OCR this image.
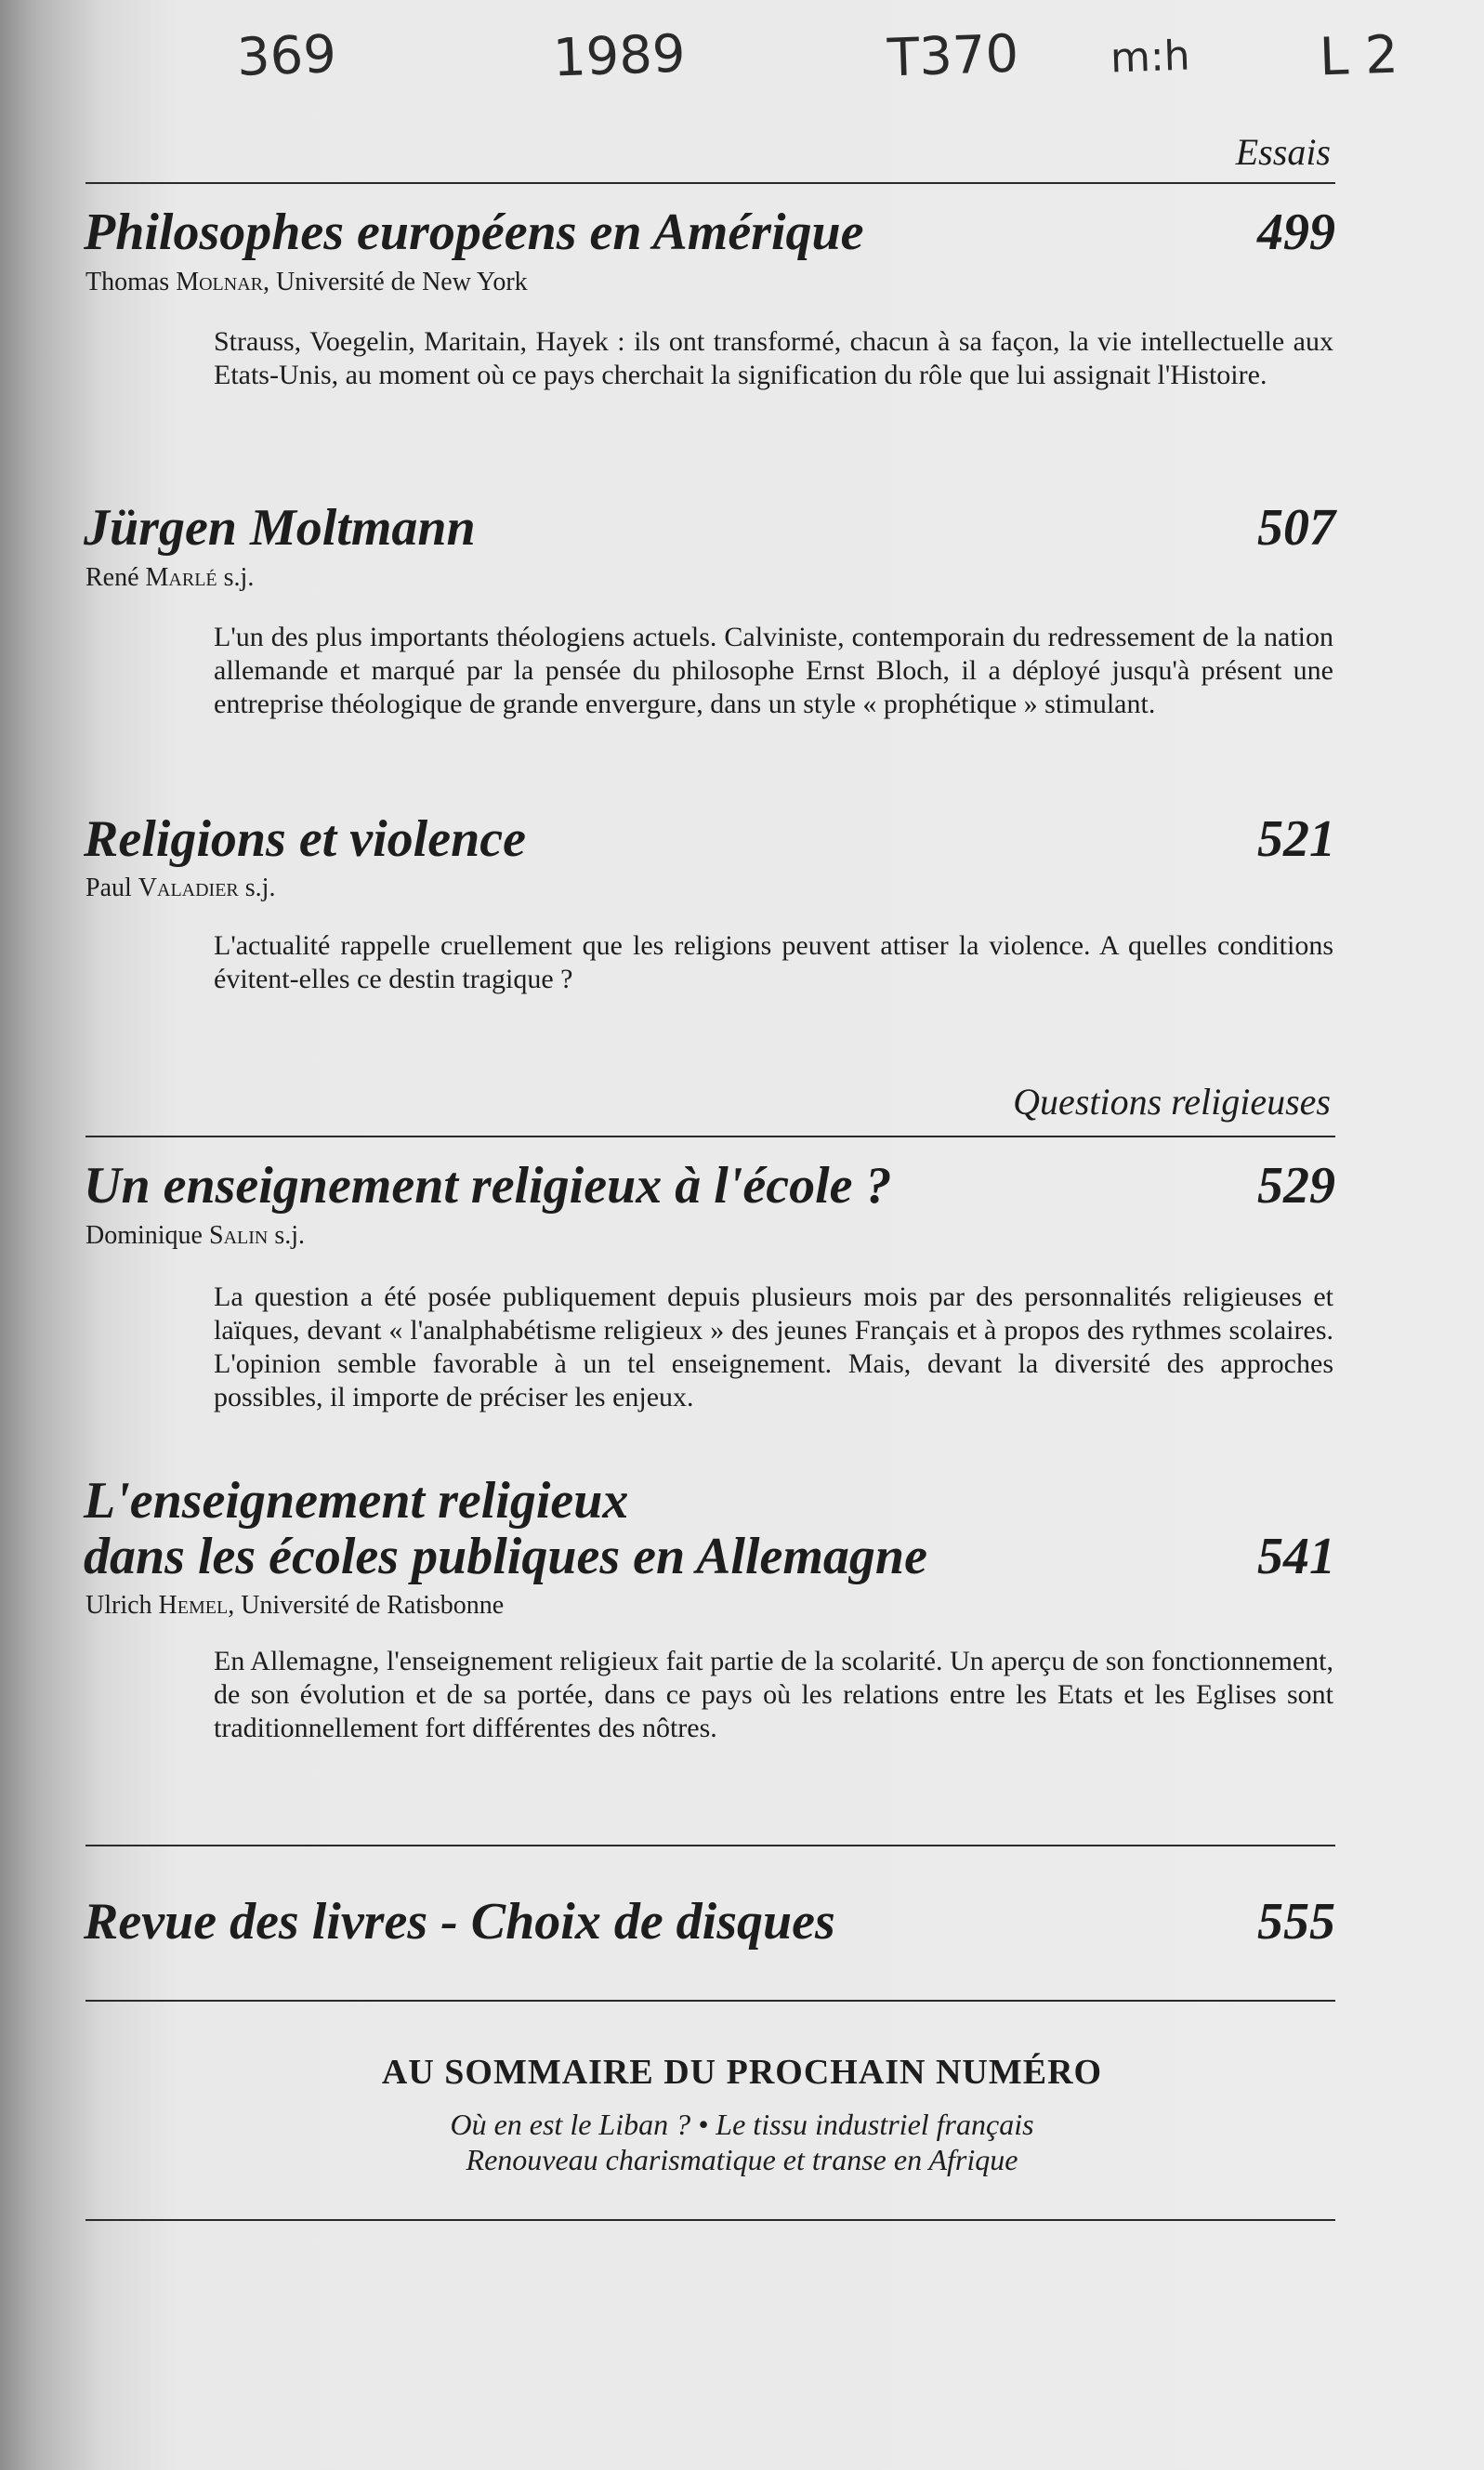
369	1989	T370 m:h L 2
Essais
Philosophes européens en Amérique	499
Thomas Molnar, Université de New York
Strauss, Voegelin, Maritain, Hayek : ils ont transformé, chacun à sa façon, la vie intellectuelle aux Etats-Unis, au moment où ce pays cherchait la signification du rôle que lui assignait l'Histoire.
Jürgen Moltmann	507
René Marlé s.j.
L'un des plus importants théologiens actuels. Calviniste, contemporain du redressement de la nation allemande et marqué par la pensée du philosophe Ernst Bloch, il a déployé jusqu'à présent une entreprise théologique de grande envergure, dans un style « prophétique » stimulant.
Religions et violence	521
Paul Valadier s.j.
L'actualité rappelle cruellement que les religions peuvent attiser la violence. A quelles conditions évitent-elles ce destin tragique ?
Questions religieuses
Un enseignement religieux à l'école ?	529
Dominique Salin s.j.
La question a été posée publiquement depuis plusieurs mois par des personnalités religieuses et laïques, devant « l'analphabétisme religieux » des jeunes Français et à propos des rythmes scolaires. L'opinion semble favorable à un tel enseignement. Mais, devant la diversité des approches possibles, il importe de préciser les enjeux.
L'enseignement religieux
dans les écoles publiques en Allemagne	541
Ulrich Hemel, Université de Ratisbonne
En Allemagne, l'enseignement religieux fait partie de la scolarité. Un aperçu de son fonctionnement, de son évolution et de sa portée, dans ce pays où les relations entre les Etats et les Eglises sont traditionnellement fort différentes des nôtres.
Revue des livres - Choix de disques	555
AU SOMMAIRE DU PROCHAIN NUMÉRO
Où en est le Liban ? • Le tissu industriel français
Renouveau charismatique et transe en Afrique
